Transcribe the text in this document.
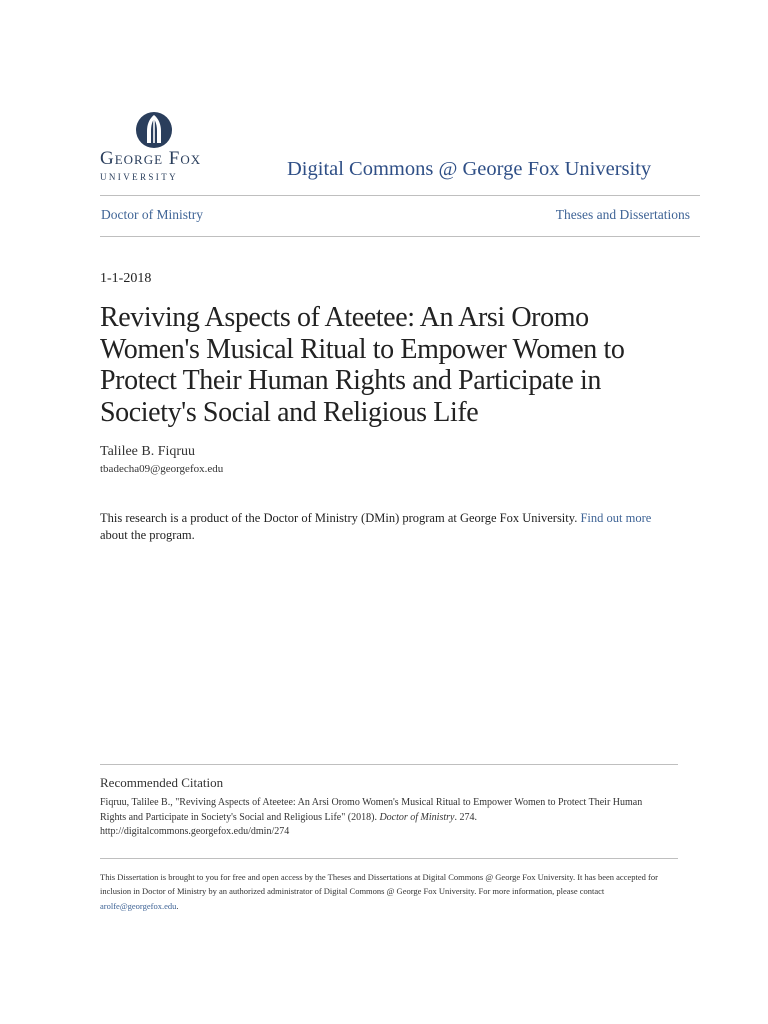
George Fox
UNIVERSITY	Digital Commons @ George Fox University
Doctor of Ministry	Theses and Dissertations
1-1-2018
Reviving Aspects of Ateetee: An Arsi Oromo Women's Musical Ritual to Empower Women to Protect Their Human Rights and Participate in Society's Social and Religious Life
Talilee B. Fiqruu
tbadecha09@georgefox.edu
This research is a product of the Doctor of Ministry (DMin) program at George Fox University. Find out more about the program.
Recommended Citation
Fiqruu, Talilee B., "Reviving Aspects of Ateetee: An Arsi Oromo Women's Musical Ritual to Empower Women to Protect Their Human Rights and Participate in Society's Social and Religious Life" (2018). Doctor of Ministry. 274.
http://digitalcommons.georgefox.edu/dmin/274
This Dissertation is brought to you for free and open access by the Theses and Dissertations at Digital Commons @ George Fox University. It has been accepted for inclusion in Doctor of Ministry by an authorized administrator of Digital Commons @ George Fox University. For more information, please contact arolfe@georgefox.edu.
